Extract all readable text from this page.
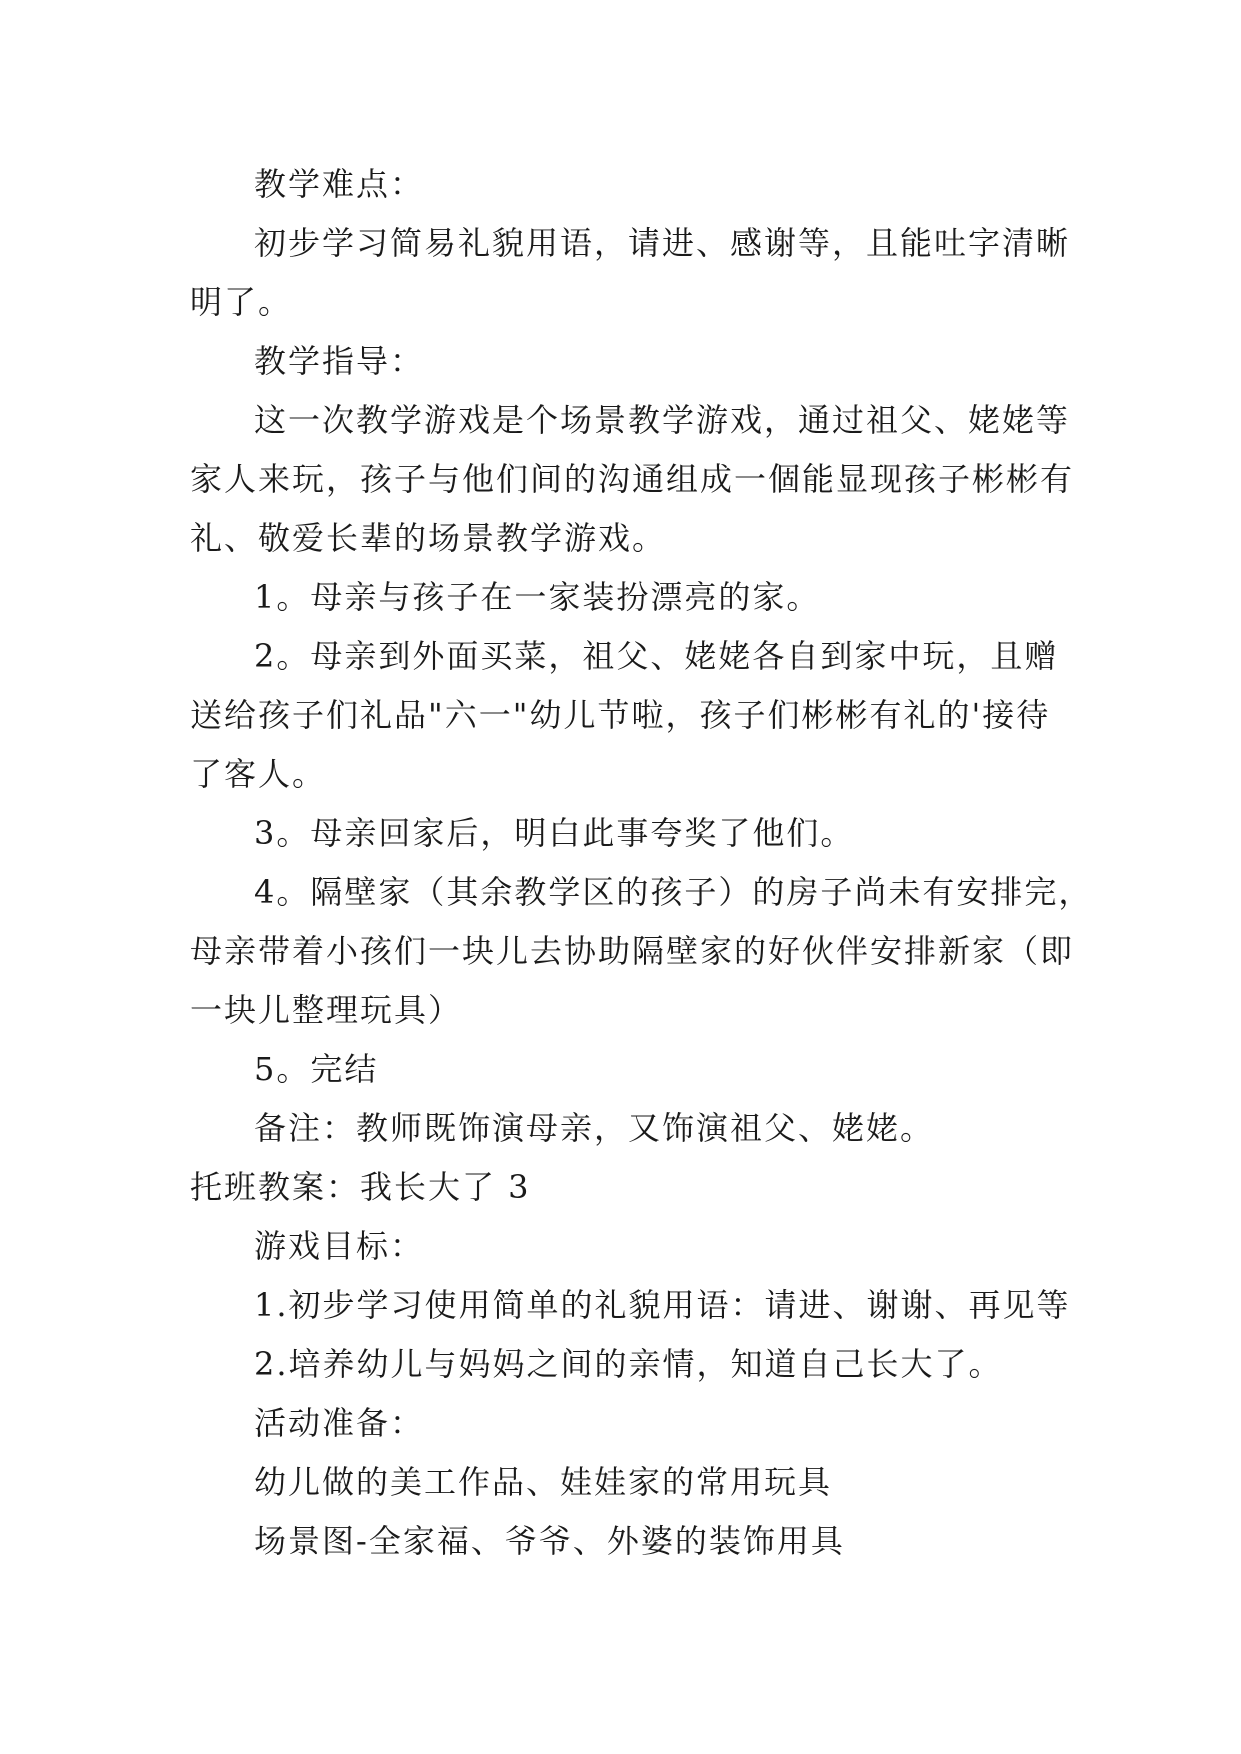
教学难点：
初步学习简易礼貌用语，请进、感谢等，且能吐字清晰
明了。
教学指导：
这一次教学游戏是个场景教学游戏，通过祖父、姥姥等
家人来玩，孩子与他们间的沟通组成一個能显现孩子彬彬有
礼、敬爱长辈的场景教学游戏。
1。母亲与孩子在一家装扮漂亮的家。
2。母亲到外面买菜，祖父、姥姥各自到家中玩，且赠
送给孩子们礼品"六一"幼儿节啦，孩子们彬彬有礼的'接待
了客人。
3。母亲回家后，明白此事夸奖了他们。
4。隔壁家（其余教学区的孩子）的房子尚未有安排完，
母亲带着小孩们一块儿去协助隔壁家的好伙伴安排新家（即
一块儿整理玩具）
5。完结
备注：教师既饰演母亲，又饰演祖父、姥姥。
托班教案：我长大了 3
游戏目标：
1.初步学习使用简单的礼貌用语：请进、谢谢、再见等
2.培养幼儿与妈妈之间的亲情，知道自己长大了。
活动准备：
幼儿做的美工作品、娃娃家的常用玩具
场景图-全家福、爷爷、外婆的装饰用具
